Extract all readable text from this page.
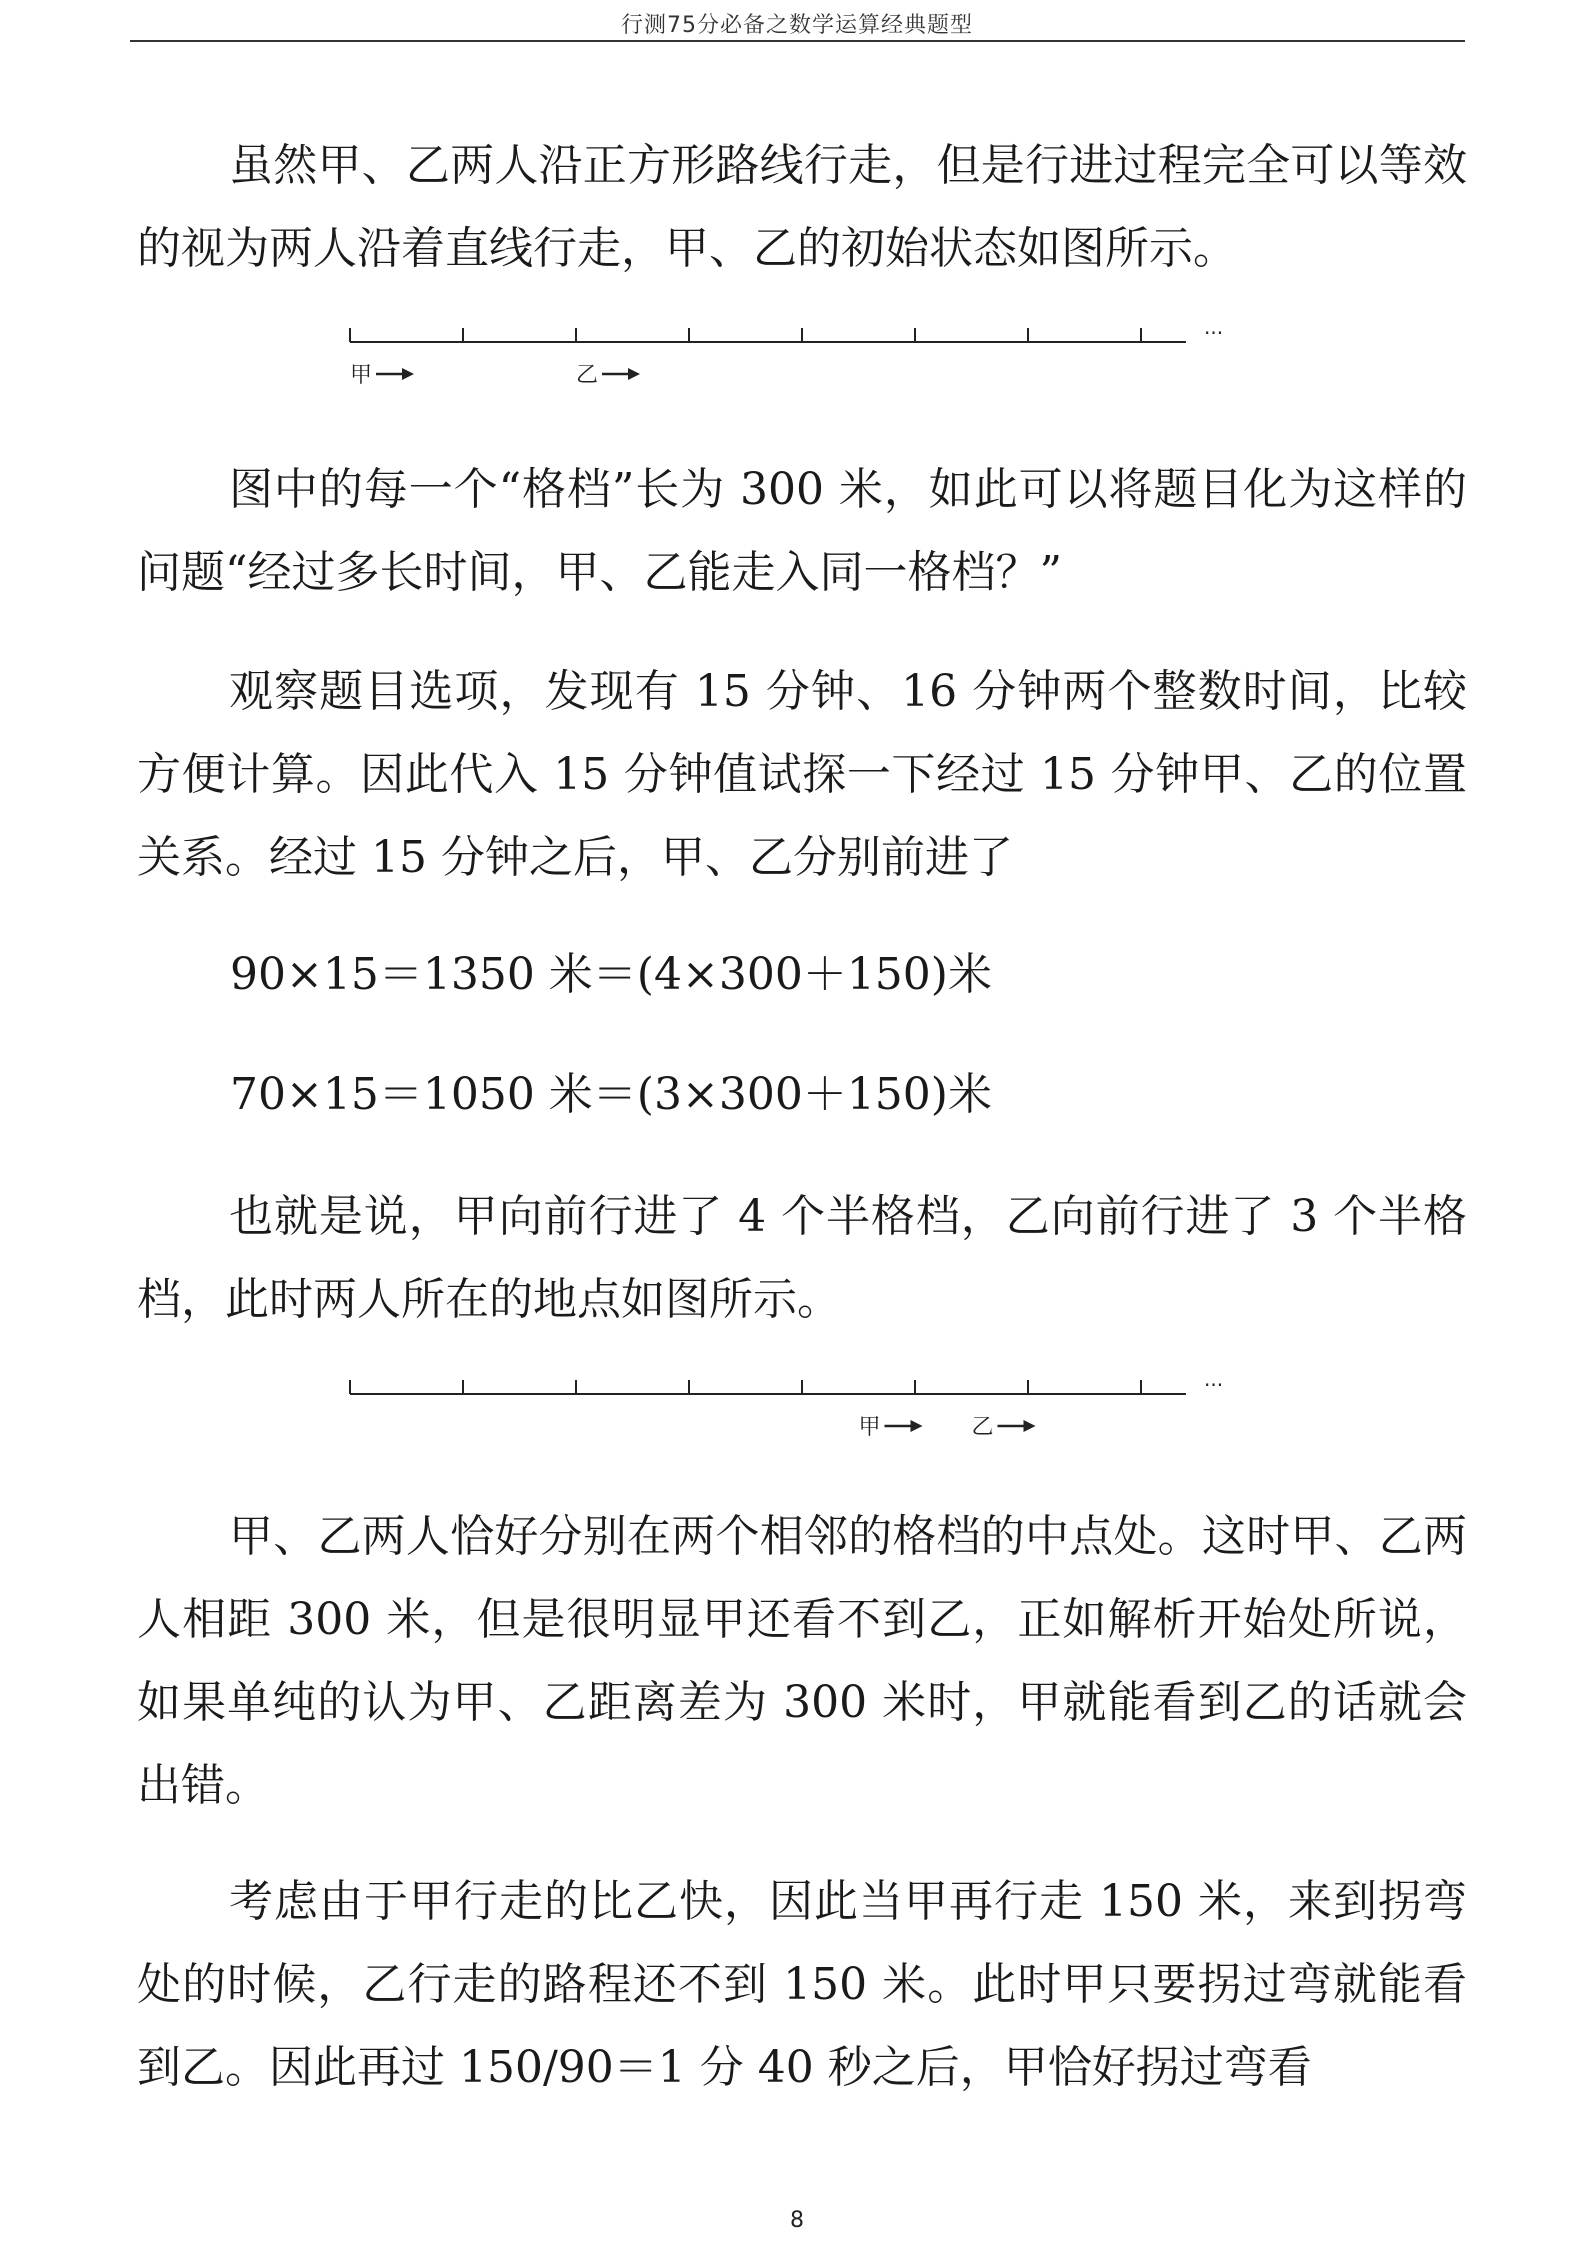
行测75分必备之数学运算经典题型

虽然甲、乙两人沿正方形路线行走，但是行进过程完全可以等效的视为两人沿着直线行走，甲、乙的初始状态如图所示。

···
甲	乙

图中的每一个“格档”长为 300 米，如此可以将题目化为这样的问题“经过多长时间，甲、乙能走入同一格档？”

观察题目选项，发现有 15 分钟、16 分钟两个整数时间，比较方便计算。因此代入 15 分钟值试探一下经过 15 分钟甲、乙的位置关系。经过 15 分钟之后，甲、乙分别前进了

90×15＝1350 米＝(4×300＋150)米

70×15＝1050 米＝(3×300＋150)米

也就是说，甲向前行进了 4 个半格档，乙向前行进了 3 个半格档，此时两人所在的地点如图所示。

···
甲	乙

甲、乙两人恰好分别在两个相邻的格档的中点处。这时甲、乙两人相距 300 米，但是很明显甲还看不到乙，正如解析开始处所说，如果单纯的认为甲、乙距离差为 300 米时，甲就能看到乙的话就会出错。

考虑由于甲行走的比乙快，因此当甲再行走 150 米，来到拐弯处的时候，乙行走的路程还不到 150 米。此时甲只要拐过弯就能看到乙。因此再过 150/90＝1 分 40 秒之后，甲恰好拐过弯看

8
